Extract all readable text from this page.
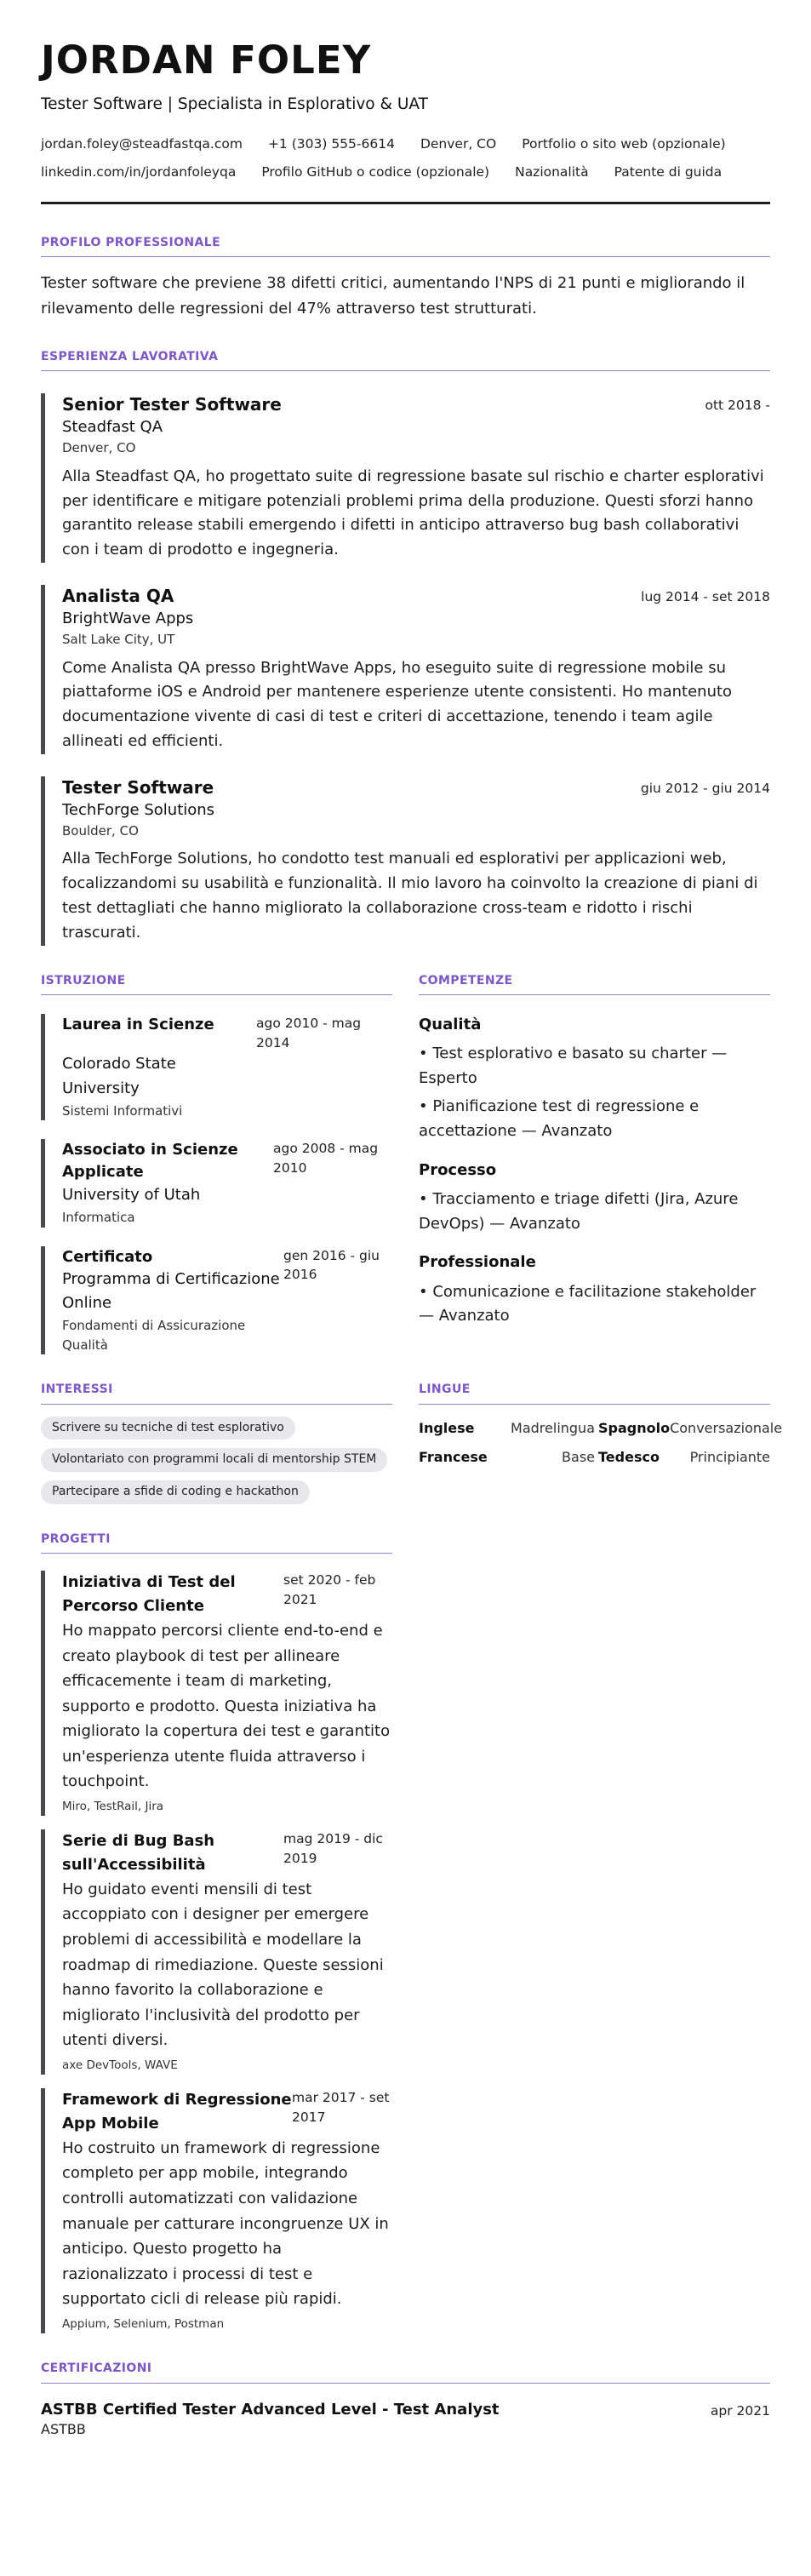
JORDAN FOLEY
Tester Software | Specialista in Esplorativo & UAT
jordan.foley@steadfastqa.com +1 (303) 555-6614 Denver, CO Portfolio o sito web (opzionale)
linkedin.com/in/jordanfoleyqa Profilo GitHub o codice (opzionale) Nazionalità Patente di guida
PROFILO PROFESSIONALE
Tester software che previene 38 difetti critici, aumentando l'NPS di 21 punti e migliorando il rilevamento delle regressioni del 47% attraverso test strutturati.
ESPERIENZA LAVORATIVA
Senior Tester Software	ott 2018 -
Steadfast QA
Denver, CO
Alla Steadfast QA, ho progettato suite di regressione basate sul rischio e charter esplorativi per identificare e mitigare potenziali problemi prima della produzione. Questi sforzi hanno garantito release stabili emergendo i difetti in anticipo attraverso bug bash collaborativi con i team di prodotto e ingegneria.
Analista QA	lug 2014 - set 2018
BrightWave Apps
Salt Lake City, UT
Come Analista QA presso BrightWave Apps, ho eseguito suite di regressione mobile su piattaforme iOS e Android per mantenere esperienze utente consistenti. Ho mantenuto documentazione vivente di casi di test e criteri di accettazione, tenendo i team agile allineati ed efficienti.
Tester Software	giu 2012 - giu 2014
TechForge Solutions
Boulder, CO
Alla TechForge Solutions, ho condotto test manuali ed esplorativi per applicazioni web, focalizzandomi su usabilità e funzionalità. Il mio lavoro ha coinvolto la creazione di piani di test dettagliati che hanno migliorato la collaborazione cross-team e ridotto i rischi trascurati.
ISTRUZIONE
Laurea in Scienze	ago 2010 - mag 2014
Colorado State University
Sistemi Informativi
Associato in Scienze Applicate
ago 2008 - mag 2010
University of Utah
Informatica
Certificato	gen 2016 - giu 2016
Programma di Certificazione Online
Fondamenti di Assicurazione Qualità
COMPETENZE
Qualità
• Test esplorativo e basato su charter — Esperto
• Pianificazione test di regressione e accettazione — Avanzato
Processo
• Tracciamento e triage difetti (Jira, Azure DevOps) — Avanzato
Professionale
• Comunicazione e facilitazione stakeholder — Avanzato
INTERESSI
Scrivere su tecniche di test esplorativo
Volontariato con programmi locali di mentorship STEM
Partecipare a sfide di coding e hackathon
LINGUE
Inglese	Madrelingua Spagnolo Conversazionale
Francese	Base Tedesco Principiante
PROGETTI
Iniziativa di Test del Percorso Cliente
set 2020 - feb 2021
Ho mappato percorsi cliente end-to-end e creato playbook di test per allineare efficacemente i team di marketing, supporto e prodotto. Questa iniziativa ha migliorato la copertura dei test e garantito un'esperienza utente fluida attraverso i touchpoint.
Miro, TestRail, Jira
Serie di Bug Bash sull'Accessibilità
mag 2019 - dic 2019
Ho guidato eventi mensili di test accoppiato con i designer per emergere problemi di accessibilità e modellare la roadmap di rimediazione. Queste sessioni hanno favorito la collaborazione e migliorato l'inclusività del prodotto per utenti diversi.
axe DevTools, WAVE
Framework di Regressione App Mobile
mar 2017 - set 2017
Ho costruito un framework di regressione completo per app mobile, integrando controlli automatizzati con validazione manuale per catturare incongruenze UX in anticipo. Questo progetto ha razionalizzato i processi di test e supportato cicli di release più rapidi.
Appium, Selenium, Postman
CERTIFICAZIONI
ASTBB Certified Tester Advanced Level - Test Analyst
ASTBB
apr 2021
